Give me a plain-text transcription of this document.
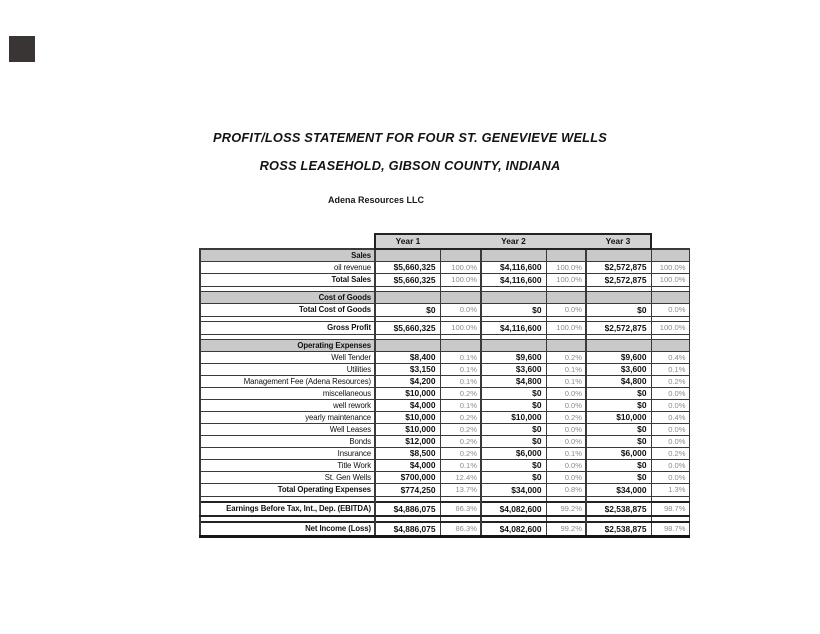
PROFIT/LOSS STATEMENT FOR FOUR ST. GENEVIEVE WELLS
ROSS LEASEHOLD, GIBSON COUNTY, INDIANA
Adena Resources LLC
	Year 1		Year 2		Year 3	
Sales						
oil revenue	$5,660,325	100.0%	$4,116,600	100.0%	$2,572,875	100.0%
Total Sales	$5,660,325	100.0%	$4,116,600	100.0%	$2,572,875	100.0%

Cost of Goods						
Total Cost of Goods	$0	0.0%	$0	0.0%	$0	0.0%

Gross Profit	$5,660,325	100.0%	$4,116,600	100.0%	$2,572,875	100.0%

Operating Expenses						
Well Tender	$8,400	0.1%	$9,600	0.2%	$9,600	0.4%
Utilities	$3,150	0.1%	$3,600	0.1%	$3,600	0.1%
Management Fee (Adena Resources)	$4,200	0.1%	$4,800	0.1%	$4,800	0.2%
miscellaneous	$10,000	0.2%	$0	0.0%	$0	0.0%
well rework	$4,000	0.1%	$0	0.0%	$0	0.0%
yearly maintenance	$10,000	0.2%	$10,000	0.2%	$10,000	0.4%
Well Leases	$10,000	0.2%	$0	0.0%	$0	0.0%
Bonds	$12,000	0.2%	$0	0.0%	$0	0.0%
Insurance	$8,500	0.2%	$6,000	0.1%	$6,000	0.2%
Title Work	$4,000	0.1%	$0	0.0%	$0	0.0%
St. Gen Wells	$700,000	12.4%	$0	0.0%	$0	0.0%
Total Operating Expenses	$774,250	13.7%	$34,000	0.8%	$34,000	1.3%

Earnings Before Tax, Int., Dep. (EBITDA)	$4,886,075	86.3%	$4,082,600	99.2%	$2,538,875	98.7%

Net Income (Loss)	$4,886,075	86.3%	$4,082,600	99.2%	$2,538,875	98.7%
